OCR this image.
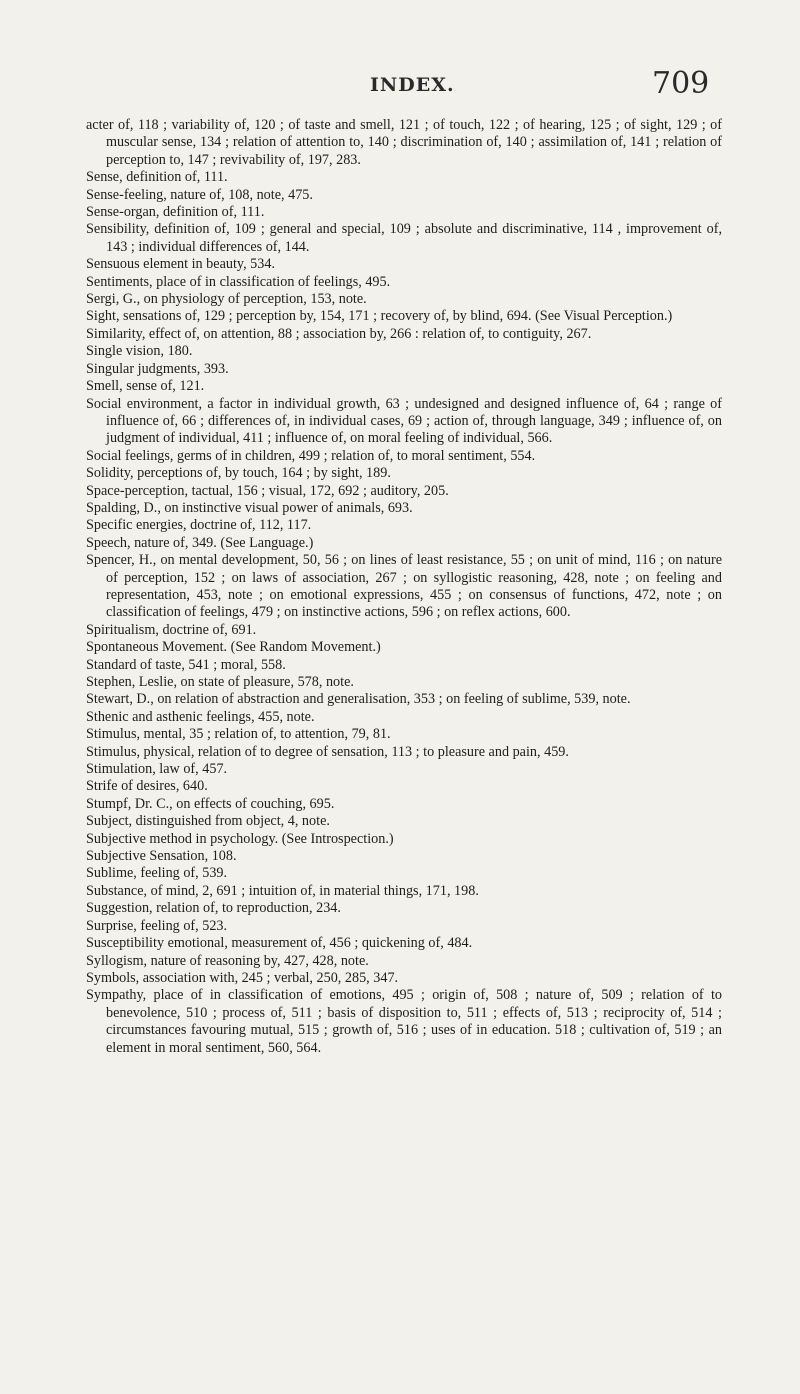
INDEX.	709

acter of, 118 ; variability of, 120 ; of taste and smell, 121 ; of touch, 122 ; of hearing, 125 ; of sight, 129 ; of muscular sense, 134 ; relation of attention to, 140 ; discrimination of, 140 ; assimilation of, 141 ; relation of perception to, 147 ; revivability of, 197, 283.

Sense, definition of, 111.

Sense-feeling, nature of, 108, note, 475.

Sense-organ, definition of, 111.

Sensibility, definition of, 109 ; general and special, 109 ; absolute and discriminative, 114 , improvement of, 143 ; individual differences of, 144.

Sensuous element in beauty, 534.

Sentiments, place of in classification of feelings, 495.

Sergi, G., on physiology of perception, 153, note.

Sight, sensations of, 129 ; perception by, 154, 171 ; recovery of, by blind, 694. (See Visual Perception.)

Similarity, effect of, on attention, 88 ; association by, 266 : relation of, to contiguity, 267.

Single vision, 180.

Singular judgments, 393.

Smell, sense of, 121.

Social environment, a factor in individual growth, 63 ; undesigned and designed influence of, 64 ; range of influence of, 66 ; differences of, in individual cases, 69 ; action of, through language, 349 ; influence of, on judgment of individual, 411 ; influence of, on moral feeling of individual, 566.

Social feelings, germs of in children, 499 ; relation of, to moral sentiment, 554.

Solidity, perceptions of, by touch, 164 ; by sight, 189.

Space-perception, tactual, 156 ; visual, 172, 692 ; auditory, 205.

Spalding, D., on instinctive visual power of animals, 693.

Specific energies, doctrine of, 112, 117.

Speech, nature of, 349. (See Language.)

Spencer, H., on mental development, 50, 56 ; on lines of least resistance, 55 ; on unit of mind, 116 ; on nature of perception, 152 ; on laws of association, 267 ; on syllogistic reasoning, 428, note ; on feeling and representation, 453, note ; on emotional expressions, 455 ; on consensus of functions, 472, note ; on classification of feelings, 479 ; on instinctive actions, 596 ; on reflex actions, 600.

Spiritualism, doctrine of, 691.

Spontaneous Movement. (See Random Movement.)

Standard of taste, 541 ; moral, 558.

Stephen, Leslie, on state of pleasure, 578, note.

Stewart, D., on relation of abstraction and generalisation, 353 ; on feeling of sublime, 539, note.

Sthenic and asthenic feelings, 455, note.

Stimulus, mental, 35 ; relation of, to attention, 79, 81.

Stimulus, physical, relation of to degree of sensation, 113 ; to pleasure and pain, 459.

Stimulation, law of, 457.

Strife of desires, 640.

Stumpf, Dr. C., on effects of couching, 695.

Subject, distinguished from object, 4, note.

Subjective method in psychology. (See Introspection.)

Subjective Sensation, 108.

Sublime, feeling of, 539.

Substance, of mind, 2, 691 ; intuition of, in material things, 171, 198.

Suggestion, relation of, to reproduction, 234.

Surprise, feeling of, 523.

Susceptibility emotional, measurement of, 456 ; quickening of, 484.

Syllogism, nature of reasoning by, 427, 428, note.

Symbols, association with, 245 ; verbal, 250, 285, 347.

Sympathy, place of in classification of emotions, 495 ; origin of, 508 ; nature of, 509 ; relation of to benevolence, 510 ; process of, 511 ; basis of disposition to, 511 ; effects of, 513 ; reciprocity of, 514 ; circumstances favouring mutual, 515 ; growth of, 516 ; uses of in education. 518 ; cultivation of, 519 ; an element in moral sentiment, 560, 564.
